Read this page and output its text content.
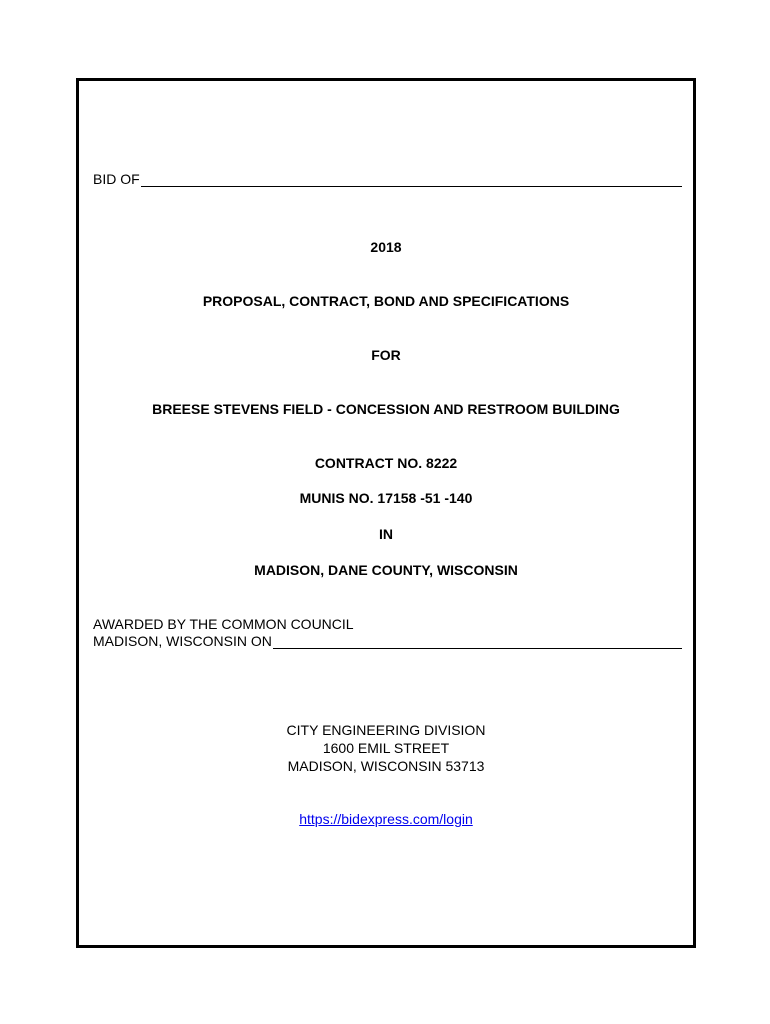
BID OF
2018
PROPOSAL, CONTRACT, BOND AND SPECIFICATIONS
FOR
BREESE STEVENS FIELD - CONCESSION AND RESTROOM BUILDING
CONTRACT NO. 8222
MUNIS NO. 17158 -51 -140
IN
MADISON, DANE COUNTY, WISCONSIN
AWARDED BY THE COMMON COUNCIL
MADISON, WISCONSIN ON
CITY ENGINEERING DIVISION
1600 EMIL STREET
MADISON, WISCONSIN 53713
https://bidexpress.com/login
